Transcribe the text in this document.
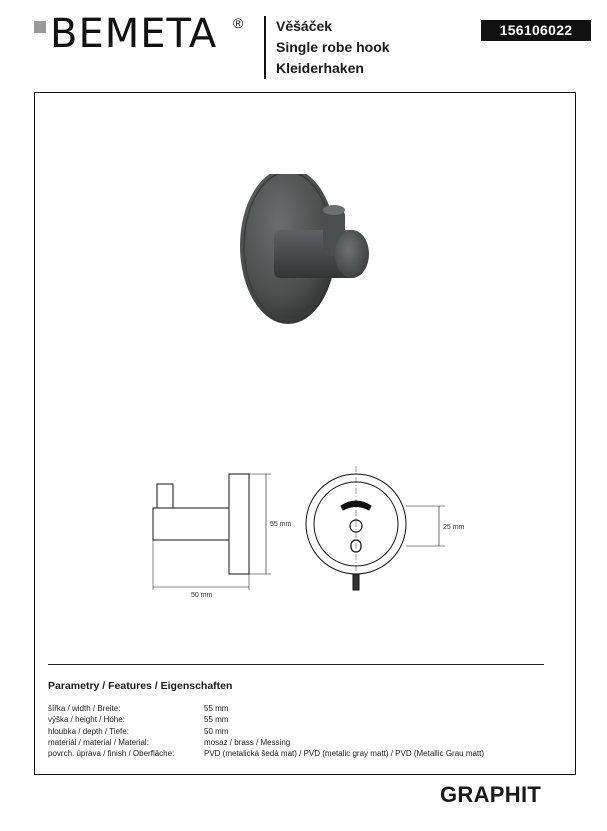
BEMETA ® Věšáček
Single robe hook
Kleiderhaken
156106022
55 mm
50 mm
25 mm
Parametry / Features / Eigenschaften
šířka / width / Breite:	55 mm
výška / height / Höhe:	55 mm
hloubka / depth / Tiefe:	50 mm
materiál / material / Material:	mosaz / brass / Messing
povrch. úprava / finish / Oberfläche:	PVD (metalická šedá mat) / PVD (metalic gray matt) / PVD (Metallic Grau matt)
GRAPHIT
